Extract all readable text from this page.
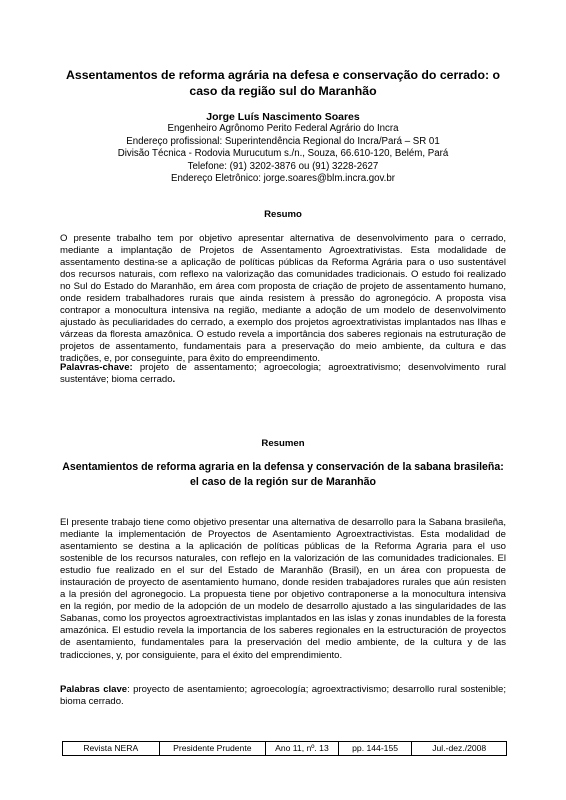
Assentamentos de reforma agrária na defesa e conservação do cerrado: o caso da região sul do Maranhão
Jorge Luís Nascimento Soares
Engenheiro Agrônomo Perito Federal Agrário do Incra
Endereço profissional: Superintendência Regional do Incra/Pará – SR 01
Divisão Técnica - Rodovia Murucutum s./n., Souza, 66.610-120, Belém, Pará
Telefone: (91) 3202-3876 ou (91) 3228-2627
Endereço Eletrônico: jorge.soares@blm.incra.gov.br
Resumo
O presente trabalho tem por objetivo apresentar alternativa de desenvolvimento para o cerrado, mediante a implantação de Projetos de Assentamento Agroextrativistas. Esta modalidade de assentamento destina-se a aplicação de políticas públicas da Reforma Agrária para o uso sustentável dos recursos naturais, com reflexo na valorização das comunidades tradicionais. O estudo foi realizado no Sul do Estado do Maranhão, em área com proposta de criação de projeto de assentamento humano, onde residem trabalhadores rurais que ainda resistem à pressão do agronegócio. A proposta visa contrapor a monocultura intensiva na região, mediante a adoção de um modelo de desenvolvimento ajustado às peculiaridades do cerrado, a exemplo dos projetos agroextrativistas implantados nas Ilhas e várzeas da floresta amazônica. O estudo revela a importância dos saberes regionais na estruturação de projetos de assentamento, fundamentais para a preservação do meio ambiente, da cultura e das tradições, e, por conseguinte, para êxito do empreendimento.
Palavras-chave: projeto de assentamento; agroecologia; agroextrativismo; desenvolvimento rural sustentáve; bioma cerrado.
Resumen
Asentamientos de reforma agraria en la defensa y conservación de la sabana brasileña: el caso de la región sur de Maranhão
El presente trabajo tiene como objetivo presentar una alternativa de desarrollo para la Sabana brasileña, mediante la implementación de Proyectos de Asentamiento Agroextractivistas. Esta modalidad de asentamiento se destina a la aplicación de políticas públicas de la Reforma Agraria para el uso sostenible de los recursos naturales, con reflejo en la valorización de las comunidades tradicionales. El estudio fue realizado en el sur del Estado de Maranhão (Brasil), en un área con propuesta de instauración de proyecto de asentamiento humano, donde residen trabajadores rurales que aún resisten a la presión del agronegocio. La propuesta tiene por objetivo contraponerse a la monocultura intensiva en la región, por medio de la adopción de un modelo de desarrollo ajustado a las singularidades de las Sabanas, como los proyectos agroextractivistas implantados en las islas y zonas inundables de la foresta amazónica. El estudio revela la importancia de los saberes regionales en la estructuración de proyectos de asentamiento, fundamentales para la preservación del medio ambiente, de la cultura y de las tradicciones, y, por consiguiente, para el éxito del emprendimiento.
Palabras clave: proyecto de asentamiento; agroecología; agroextractivismo; desarrollo rural sostenible; bioma cerrado.
Revista NERA	Presidente Prudente	Ano 11, nº. 13	pp. 144-155	Jul.-dez./2008
